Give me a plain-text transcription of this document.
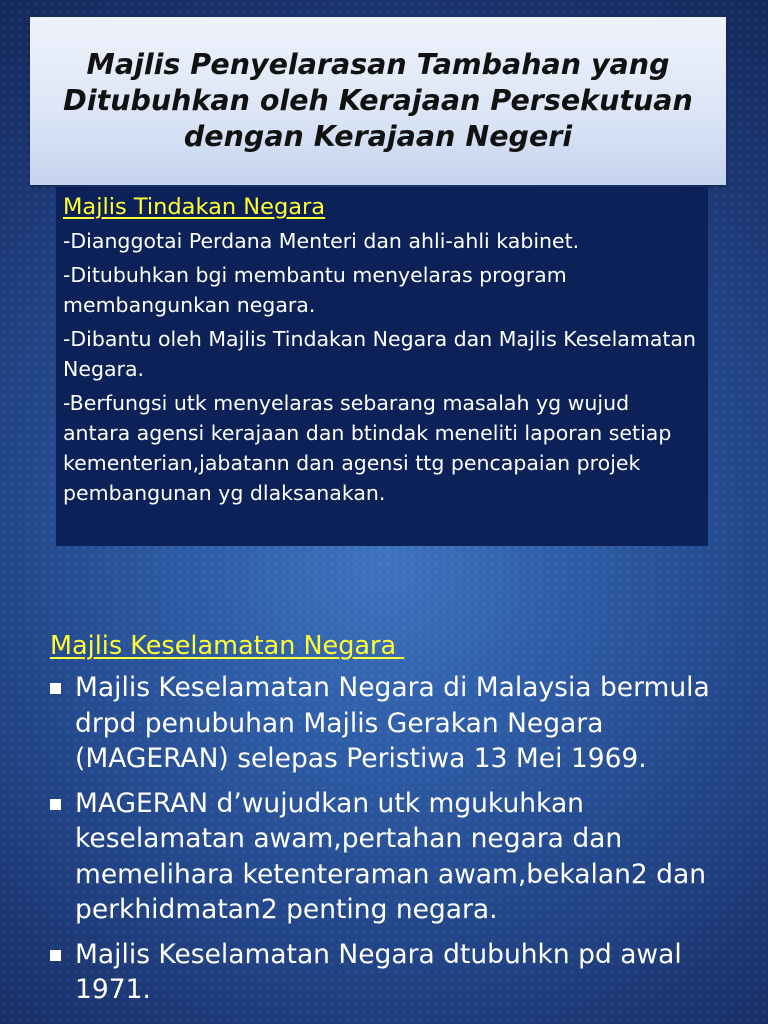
Majlis Penyelarasan Tambahan yang Ditubuhkan oleh Kerajaan Persekutuan dengan Kerajaan Negeri
Majlis Tindakan Negara

-Dianggotai Perdana Menteri dan ahli-ahli kabinet.

-Ditubuhkan bgi membantu menyelaras program membangunkan negara.

-Dibantu oleh Majlis Tindakan Negara dan Majlis Keselamatan Negara.

-Berfungsi utk menyelaras sebarang masalah yg wujud antara agensi kerajaan dan btindak meneliti laporan setiap kementerian,jabatann dan agensi ttg pencapaian projek pembangunan yg dlaksanakan.

Majlis Keselamatan Negara
Majlis Keselamatan Negara di Malaysia bermula drpd penubuhan Majlis Gerakan Negara (MAGERAN) selepas Peristiwa 13 Mei 1969.
MAGERAN d’wujudkan utk mgukuhkan keselamatan awam,pertahan negara dan memelihara ketenteraman awam,bekalan2 dan perkhidmatan2 penting negara.
Majlis Keselamatan Negara dtubuhkn pd awal 1971.
